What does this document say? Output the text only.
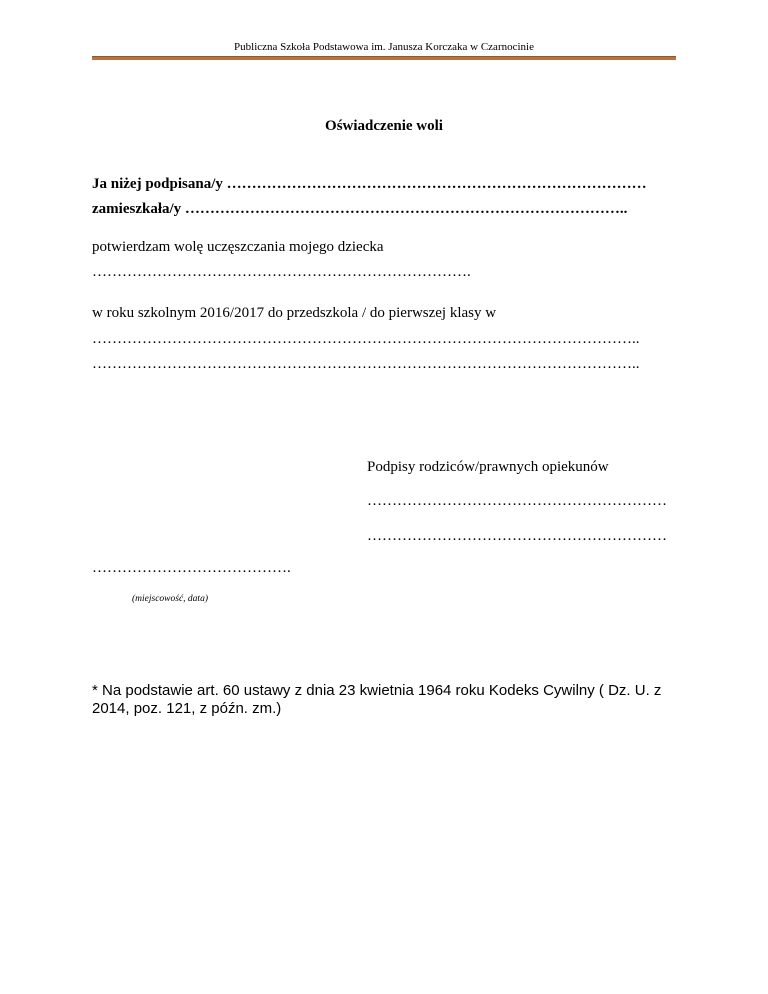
Publiczna Szkoła Podstawowa im. Janusza Korczaka w Czarnocinie
Oświadczenie woli
Ja niżej podpisana/y …………………………………………………………………………
zamieszkała/y ……………………………………………………………………………..
potwierdzam wolę uczęszczania mojego dziecka
………………………………………………………………….
w roku szkolnym 2016/2017 do przedszkola / do pierwszej klasy w
………………………………………………………………………………………………..
………………………………………………………………………………………………..
Podpisy rodziców/prawnych opiekunów
……………………………………………………
……………………………………………………
………………………………….
(miejscowość, data)
* Na podstawie art. 60 ustawy z dnia 23 kwietnia 1964 roku Kodeks Cywilny ( Dz. U. z 2014, poz. 121, z późn. zm.)
